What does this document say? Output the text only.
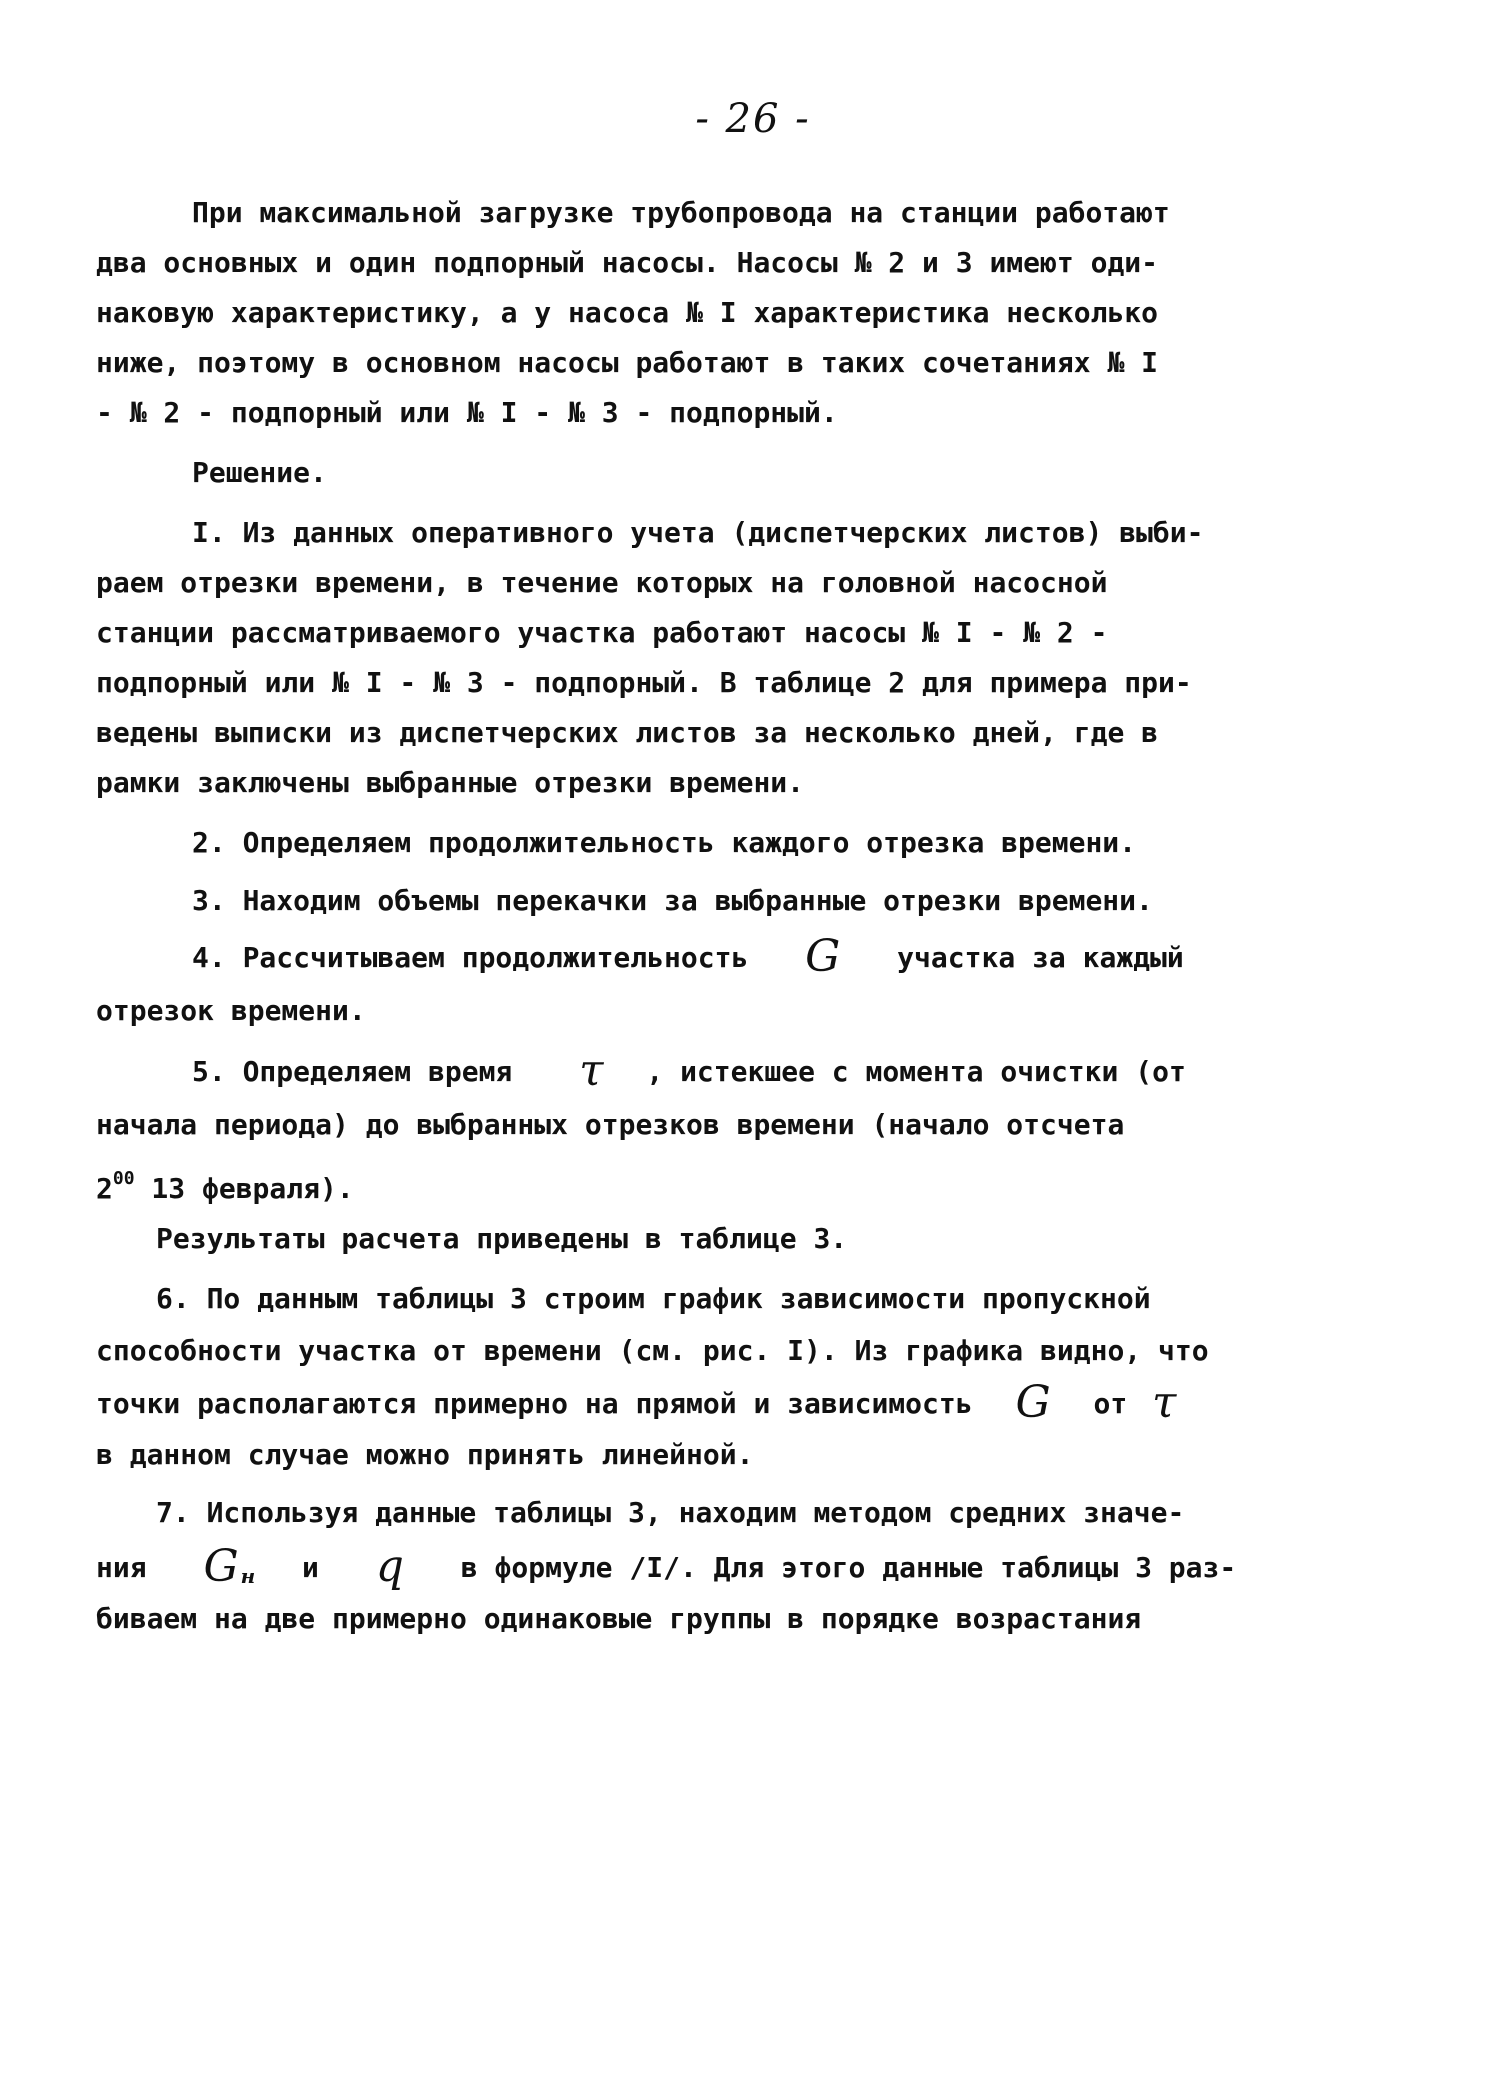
- 26 -
При максимальной загрузке трубопровода на станции работают
два основных и один подпорный насосы. Насосы № 2 и 3 имеют оди-
наковую характеристику, а у насоса № I характеристика несколько
ниже, поэтому в основном насосы работают в таких сочетаниях № I
- № 2 - подпорный или № I - № 3 - подпорный.
Решение.
I. Из данных оперативного учета (диспетчерских листов) выби-
раем отрезки времени, в течение которых на головной насосной
станции рассматриваемого участка работают насосы № I - № 2 -
подпорный или № I - № 3 - подпорный. В таблице 2 для примера при-
ведены выписки из диспетчерских листов за несколько дней, где в
рамки заключены выбранные отрезки времени.
2. Определяем продолжительность каждого отрезка времени.
3. Находим объемы перекачки за выбранные отрезки времени.
4. Рассчитываем продолжительность G участка за каждый
отрезок времени.
5. Определяем время τ , истекшее с момента очистки (от
начала периода) до выбранных отрезков времени (начало отсчета
$2^{00}$ 13 февраля).
Результаты расчета приведены в таблице 3.
6. По данным таблицы 3 строим график зависимости пропускной
способности участка от времени (см. рис. I). Из графика видно, что
точки располагаются примерно на прямой и зависимость G от τ
в данном случае можно принять линейной.
7. Используя данные таблицы 3, находим методом средних значе-
ния G $_н$ и q в формуле /I/. Для этого данные таблицы 3 раз-
биваем на две примерно одинаковые группы в порядке возрастания
